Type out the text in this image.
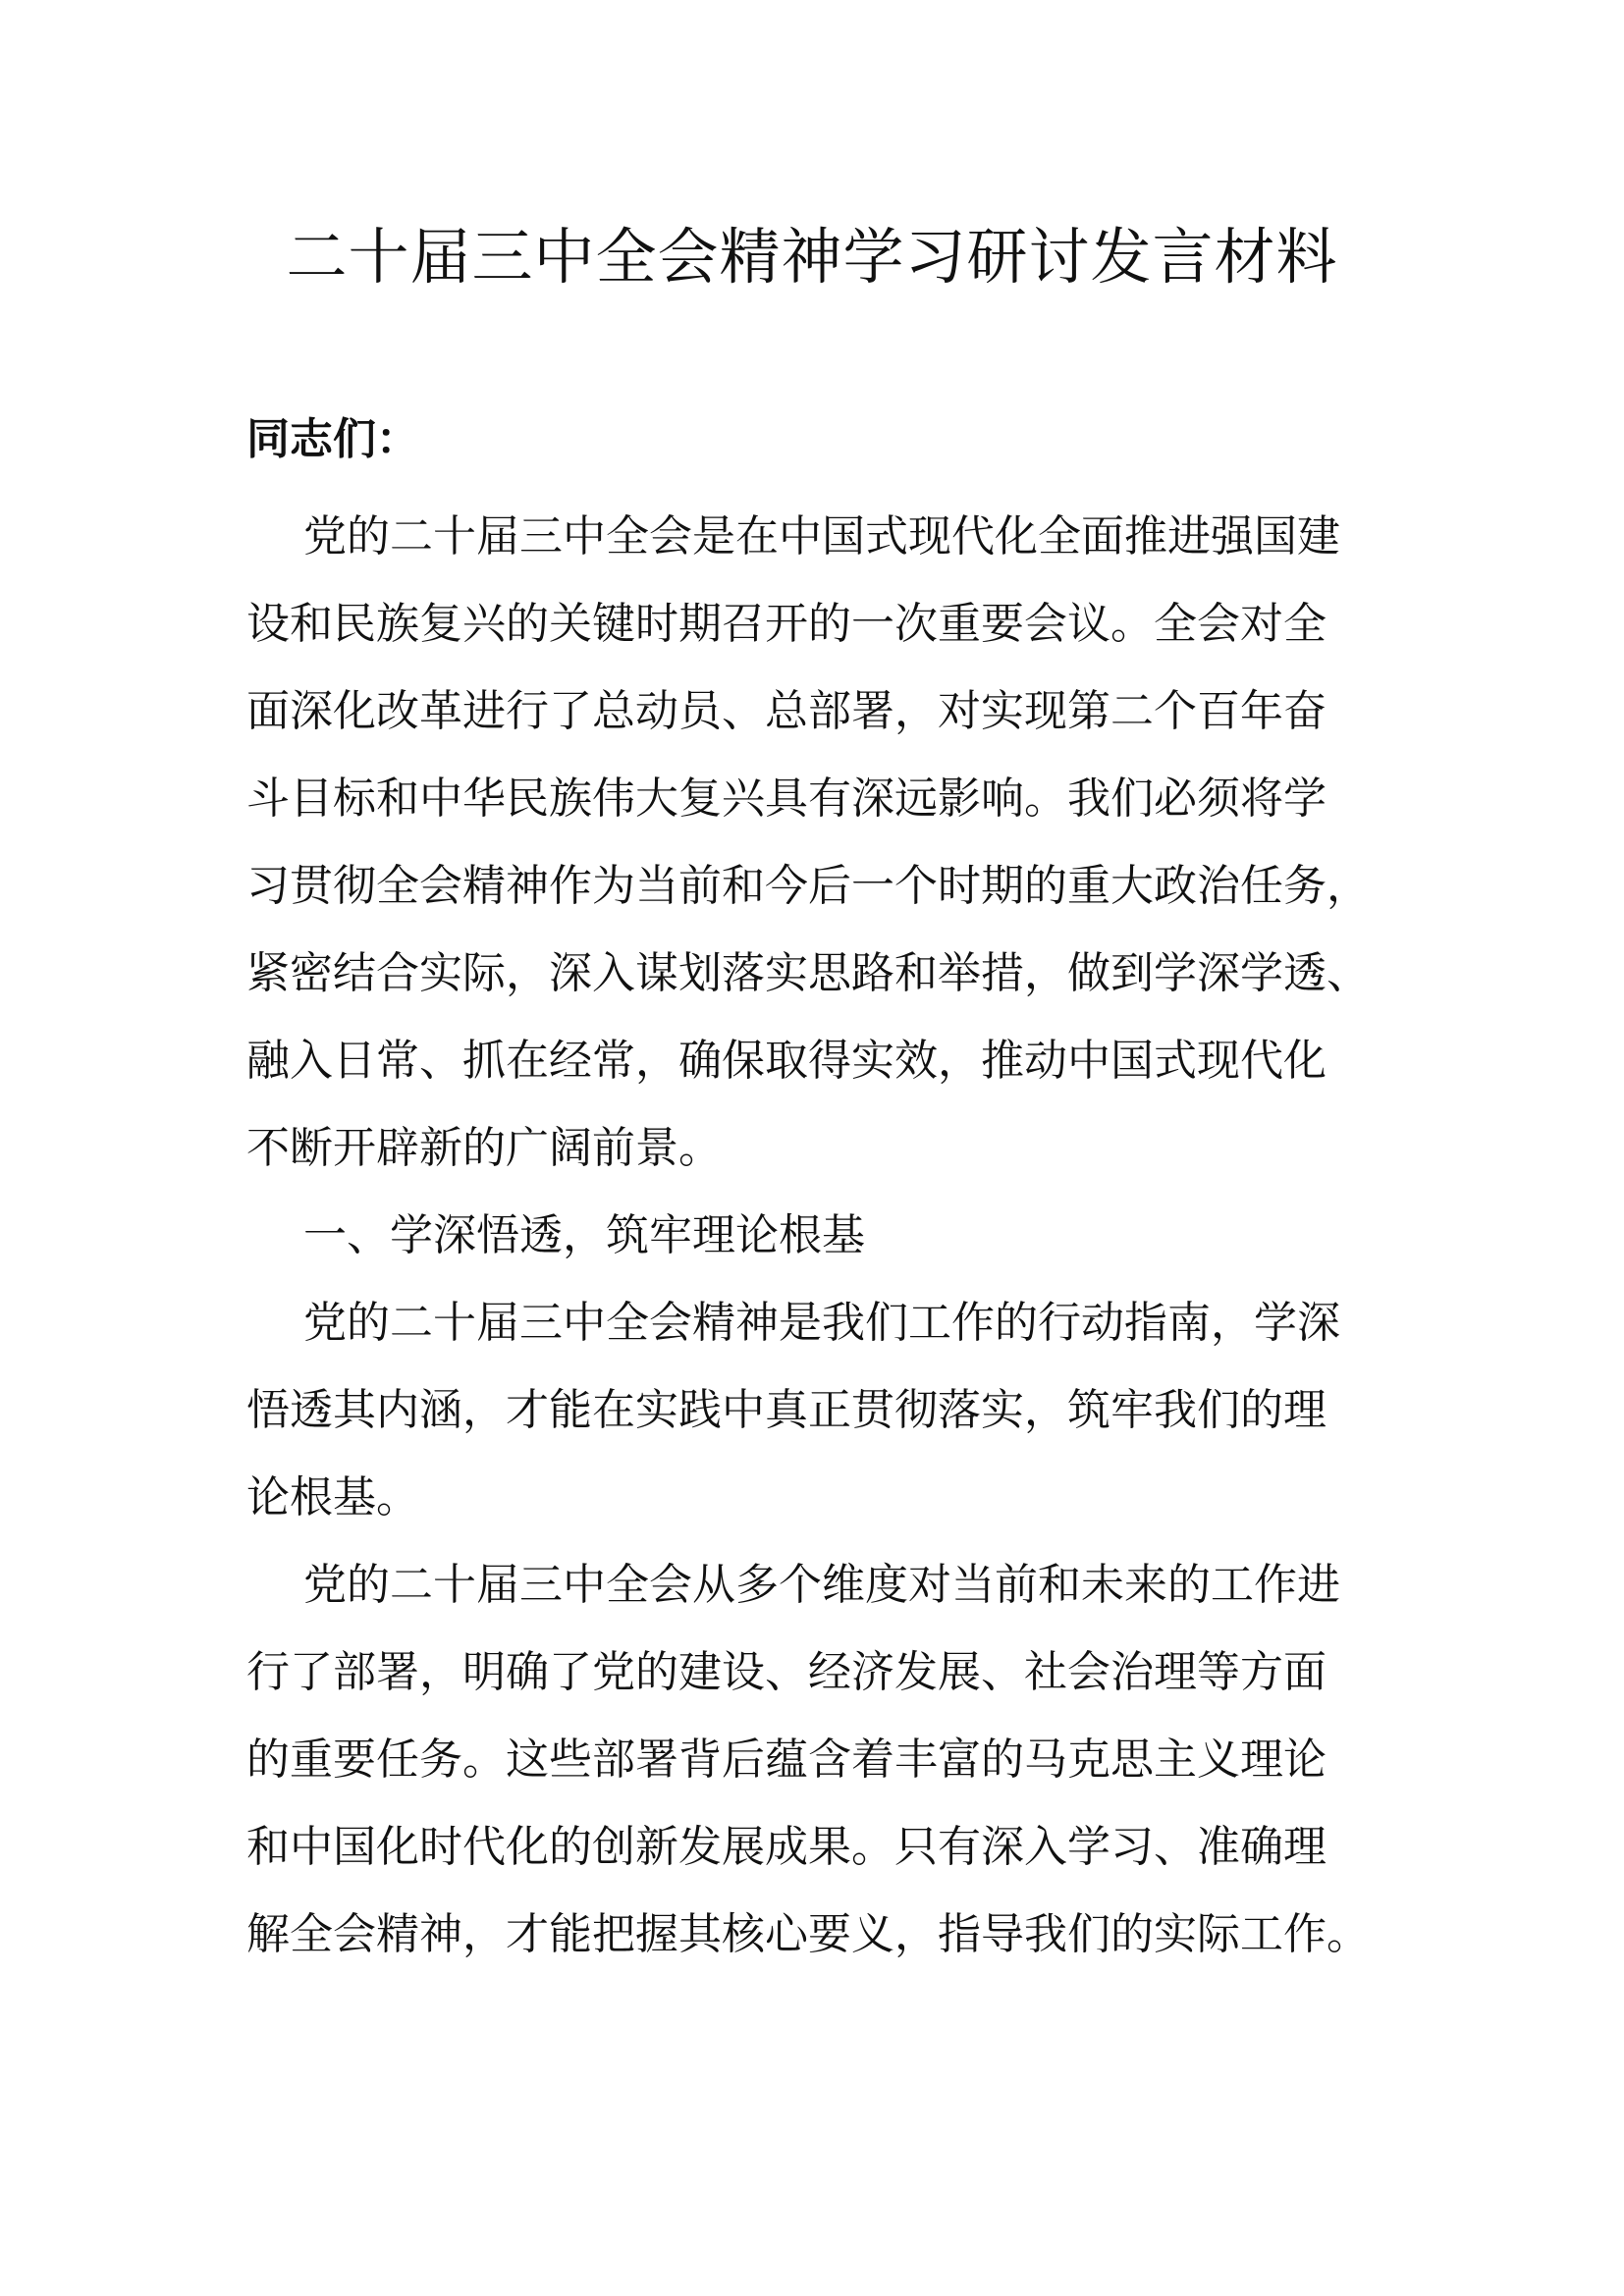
二十届三中全会精神学习研讨发言材料

同志们：

党的二十届三中全会是在中国式现代化全面推进强国建
设和民族复兴的关键时期召开的一次重要会议。全会对全
面深化改革进行了总动员、总部署，对实现第二个百年奋
斗目标和中华民族伟大复兴具有深远影响。我们必须将学
习贯彻全会精神作为当前和今后一个时期的重大政治任务，
紧密结合实际，深入谋划落实思路和举措，做到学深学透、
融入日常、抓在经常，确保取得实效，推动中国式现代化
不断开辟新的广阔前景。

一、学深悟透，筑牢理论根基

党的二十届三中全会精神是我们工作的行动指南，学深
悟透其内涵，才能在实践中真正贯彻落实，筑牢我们的理
论根基。

党的二十届三中全会从多个维度对当前和未来的工作进
行了部署，明确了党的建设、经济发展、社会治理等方面
的重要任务。这些部署背后蕴含着丰富的马克思主义理论
和中国化时代化的创新发展成果。只有深入学习、准确理
解全会精神，才能把握其核心要义，指导我们的实际工作。
